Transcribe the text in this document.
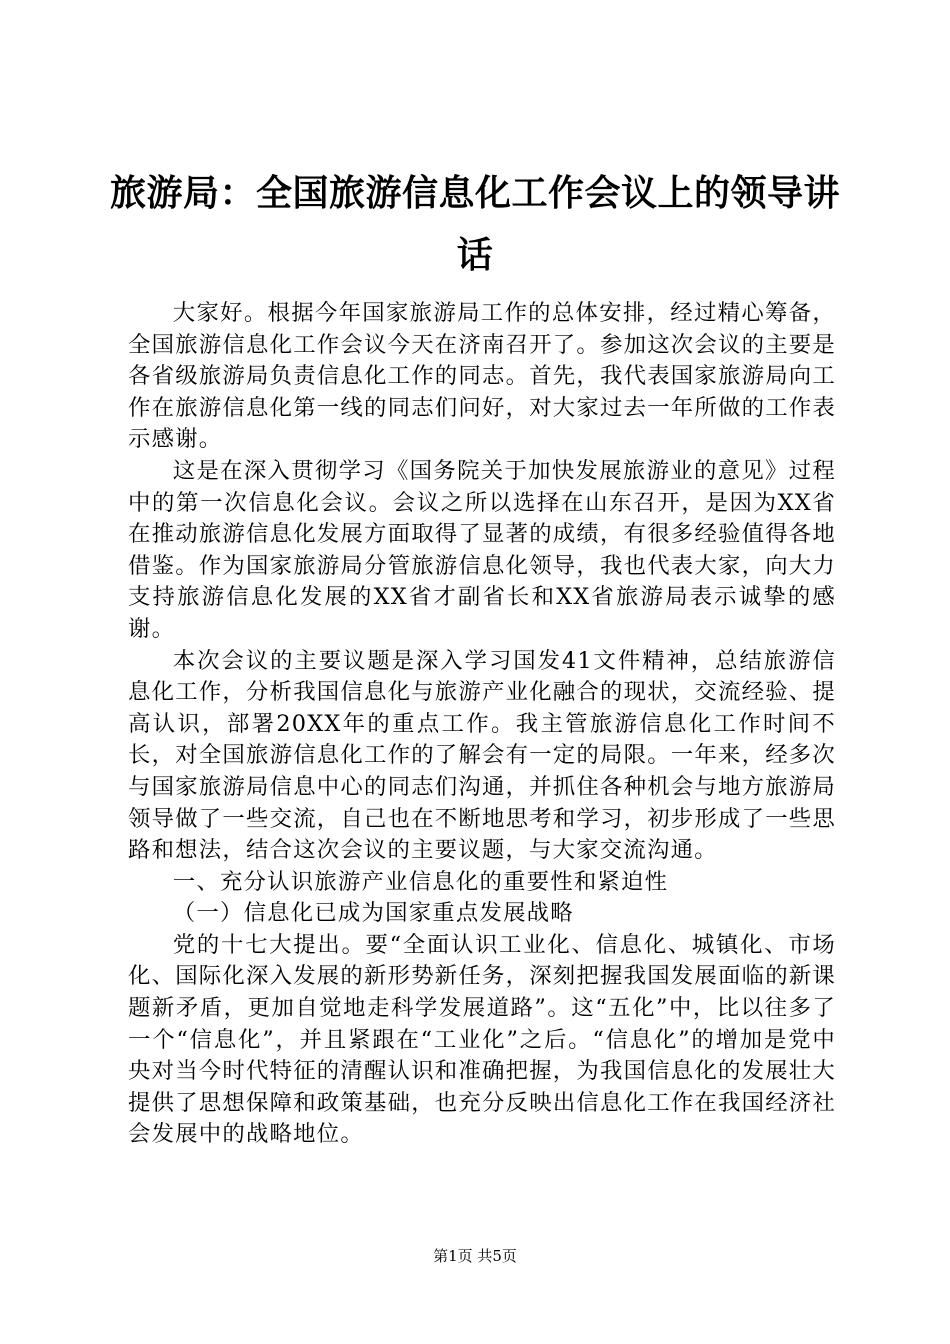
旅游局：全国旅游信息化工作会议上的领导讲话

大家好。根据今年国家旅游局工作的总体安排，经过精心筹备，全国旅游信息化工作会议今天在济南召开了。参加这次会议的主要是各省级旅游局负责信息化工作的同志。首先，我代表国家旅游局向工作在旅游信息化第一线的同志们问好，对大家过去一年所做的工作表示感谢。

这是在深入贯彻学习《国务院关于加快发展旅游业的意见》过程中的第一次信息化会议。会议之所以选择在山东召开，是因为XX省在推动旅游信息化发展方面取得了显著的成绩，有很多经验值得各地借鉴。作为国家旅游局分管旅游信息化领导，我也代表大家，向大力支持旅游信息化发展的XX省才副省长和XX省旅游局表示诚挚的感谢。

本次会议的主要议题是深入学习国发41文件精神，总结旅游信息化工作，分析我国信息化与旅游产业化融合的现状，交流经验、提高认识，部署20XX年的重点工作。我主管旅游信息化工作时间不长，对全国旅游信息化工作的了解会有一定的局限。一年来，经多次与国家旅游局信息中心的同志们沟通，并抓住各种机会与地方旅游局领导做了一些交流，自己也在不断地思考和学习，初步形成了一些思路和想法，结合这次会议的主要议题，与大家交流沟通。

一、充分认识旅游产业信息化的重要性和紧迫性

（一）信息化已成为国家重点发展战略

党的十七大提出。要“全面认识工业化、信息化、城镇化、市场化、国际化深入发展的新形势新任务，深刻把握我国发展面临的新课题新矛盾，更加自觉地走科学发展道路”。这“五化”中，比以往多了一个“信息化”，并且紧跟在“工业化”之后。“信息化”的增加是党中央对当今时代特征的清醒认识和准确把握，为我国信息化的发展壮大提供了思想保障和政策基础，也充分反映出信息化工作在我国经济社会发展中的战略地位。

第1页 共5页
